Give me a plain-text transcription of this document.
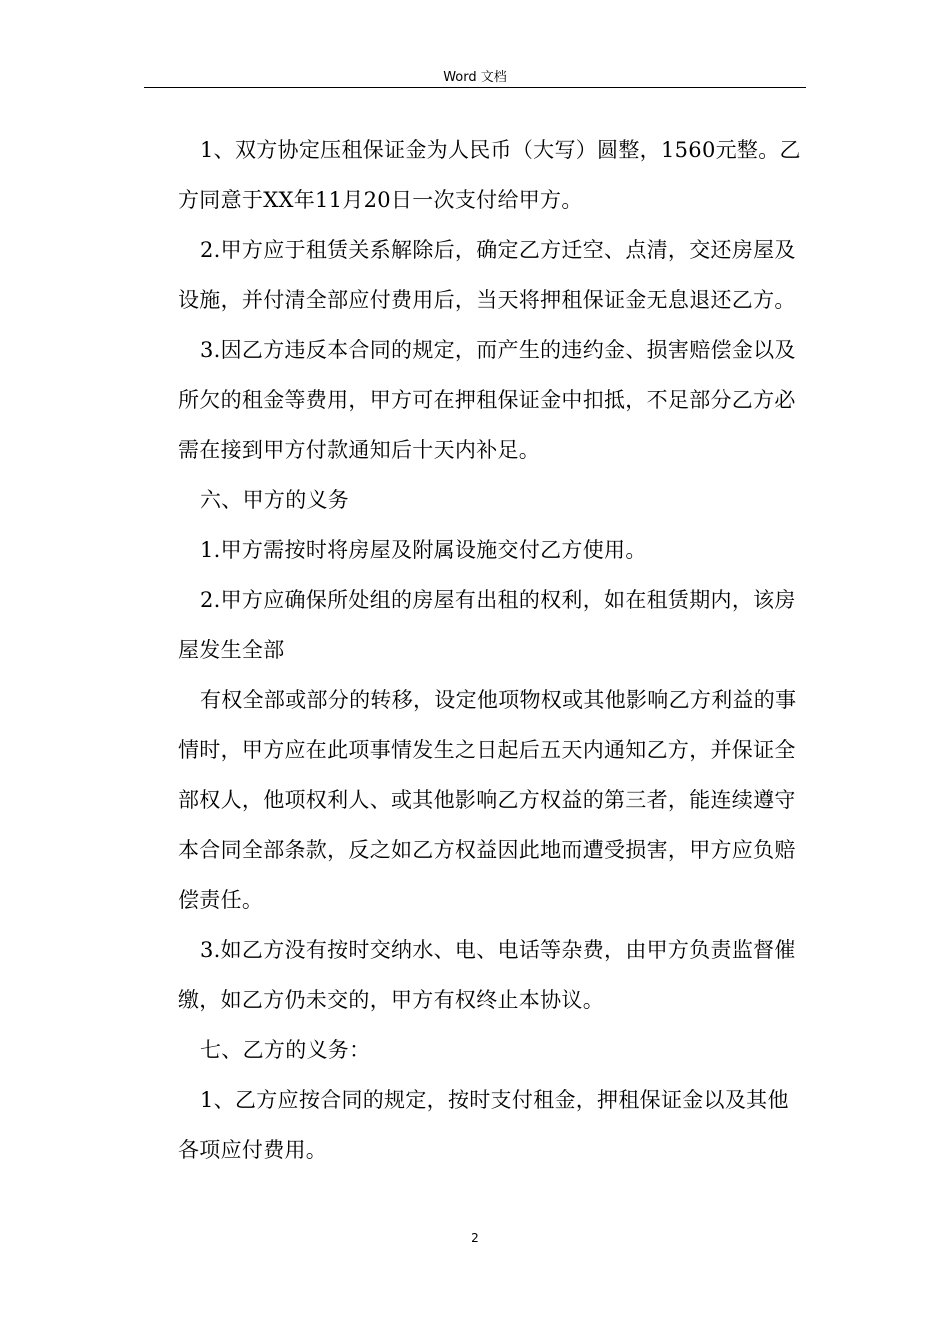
Word 文档

1、双方协定压租保证金为人民币（大写）圆整，1560元整。乙方同意于XX年11月20日一次支付给甲方。

2.甲方应于租赁关系解除后，确定乙方迁空、点清，交还房屋及设施，并付清全部应付费用后，当天将押租保证金无息退还乙方。

3.因乙方违反本合同的规定，而产生的违约金、损害赔偿金以及所欠的租金等费用，甲方可在押租保证金中扣抵，不足部分乙方必需在接到甲方付款通知后十天内补足。

六、甲方的义务

1.甲方需按时将房屋及附属设施交付乙方使用。

2.甲方应确保所处组的房屋有出租的权利，如在租赁期内，该房屋发生全部

有权全部或部分的转移，设定他项物权或其他影响乙方利益的事情时，甲方应在此项事情发生之日起后五天内通知乙方，并保证全部权人，他项权利人、或其他影响乙方权益的第三者，能连续遵守本合同全部条款，反之如乙方权益因此地而遭受损害，甲方应负赔偿责任。

3.如乙方没有按时交纳水、电、电话等杂费，由甲方负责监督催缴，如乙方仍未交的，甲方有权终止本协议。

七、乙方的义务：

1、乙方应按合同的规定，按时支付租金，押租保证金以及其他各项应付费用。

2
